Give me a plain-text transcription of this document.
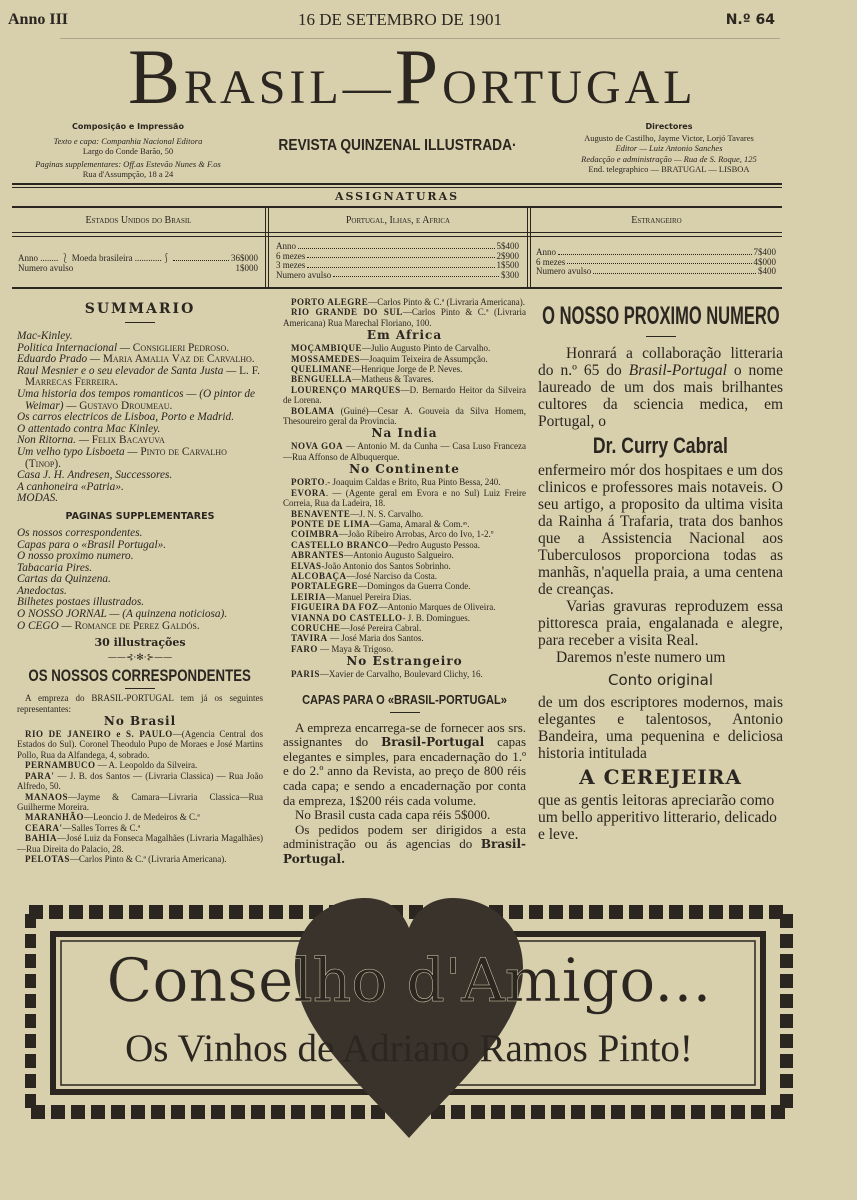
Anno III	16 DE SETEMBRO DE 1901	N.º 64
BRASIL—PORTUGAL
Composição e Impressão
Texto e capa: Companhia Nacional Editora
Largo do Conde Barão, 50
Paginas supplementares: Off.as Estevão Nunes & F.os
Rua d'Assumpção, 18 a 24
REVISTA QUINZENAL ILLUSTRADA·
Directores
Augusto de Castilho, Jayme Victor, Lorjó Tavares
Editor — Luiz Antonio Sanches
Redacção e administração — Rua de S. Roque, 125
End. telegraphico — BRATUGAL — LISBOA
ASSIGNATURAS
Estados Unidos do Brasil	Portugal, Ilhas, e Africa	Estrangeiro
Anno ........ ⎱ Moeda brasileira ............⎰	36$000
Numero avulso	1$000
Anno	5$400
6 mezes	2$900
3 mezes	1$500
Numero avulso	$300
Anno	7$400
6 mezes	4$000
Numero avulso	$400
SUMMARIO
Mac-Kinley.
Politica Internacional — Consiglieri Pedroso.
Eduardo Prado — Maria Amalia Vaz de Carvalho.
Raul Mesnier e o seu elevador de Santa Justa — L. F. Marrecas Ferreira.
Uma historia dos tempos romanticos — (O pintor de Weimar) — Gustavo Droumeau.
Os carros electricos de Lisboa, Porto e Madrid.
O attentado contra Mac Kinley.
Non Ritorna. — Felix Bacayuva
Um velho typo Lisboeta — Pinto de Carvalho (Tinop).
Casa J. H. Andresen, Successores.
A canhoneira «Patria».
MODAS.
PAGINAS SUPPLEMENTARES
Os nossos correspondentes.
Capas para o «Brasil Portugal».
O nosso proximo numero.
Tabacaria Pires.
Cartas da Quinzena.
Anedoctas.
Bilhetes postaes illustrados.
O NOSSO JORNAL — (A quinzena noticiosa).
O CEGO — Romance de Perez Galdós.
30 illustrações
——⊰·✻·⊱——
OS NOSSOS CORRESPONDENTES
A empreza do BRASIL-PORTUGAL tem já os seguintes representantes:
No Brasil
RIO DE JANEIRO e S. PAULO—(Agencia Central dos Estados do Sul). Coronel Theodulo Pupo de Moraes e José Martins Pollo, Rua da Alfandega, 4, sobrado.
PERNAMBUCO — A. Leopoldo da Silveira.
PARA' — J. B. dos Santos — (Livraria Classica) — Rua João Alfredo, 50.
MANAOS—Jayme & Camara—Livraria Classica—Rua Guilherme Moreira.
MARANHÃO—Leoncio J. de Medeiros & C.ª
CEARA'—Salles Torres & C.ª
BAHIA—José Luiz da Fonseca Magalhães (Livraria Magalhães)—Rua Direita do Palacio, 28.
PELOTAS—Carlos Pinto & C.ª (Livraria Americana).
PORTO ALEGRE—Carlos Pinto & C.ª (Livraria Americana).
RIO GRANDE DO SUL—Carlos Pinto & C.ª (Livraria Americana) Rua Marechal Floriano, 100.
Em Africa
MOÇAMBIQUE—Julio Augusto Pinto de Carvalho.
MOSSAMEDES—Joaquim Teixeira de Assumpção.
QUELIMANE—Henrique Jorge de P. Neves.
BENGUELLA—Matheus & Tavares.
LOURENÇO MARQUES—D. Bernardo Heitor da Silveira de Lorena.
BOLAMA (Guiné)—Cesar A. Gouveia da Silva Homem, Thesoureiro geral da Provincia.
Na India
NOVA GOA — Antonio M. da Cunha — Casa Luso Franceza—Rua Affonso de Albuquerque.
No Continente
PORTO.- Joaquim Caldas e Brito, Rua Pinto Bessa, 240.
EVORA. — (Agente geral em Evora e no Sul) Luiz Freire Correia, Rua da Ladeira, 18.
BENAVENTE—J. N. S. Carvalho.
PONTE DE LIMA—Gama, Amaral & Com.ᵃˢ.
COIMBRA—João Ribeiro Arrobas, Arco do Ivo, 1-2.º
CASTELLO BRANCO—Pedro Augusto Pessoa.
ABRANTES—Antonio Augusto Salgueiro.
ELVAS-João Antonio dos Santos Sobrinho.
ALCOBAÇA—José Narciso da Costa.
PORTALEGRE—Domingos da Guerra Conde.
LEIRIA—Manuel Pereira Dias.
FIGUEIRA DA FOZ—Antonio Marques de Oliveira.
VIANNA DO CASTELLO- J. B. Domingues.
CORUCHE—José Pereira Cabral.
TAVIRA — José Maria dos Santos.
FARO — Maya & Trigoso.
No Estrangeiro
PARIS—Xavier de Carvalho, Boulevard Clichy, 16.
CAPAS PARA O «BRASIL-PORTUGAL»
A empreza encarrega-se de fornecer aos srs. assignantes do Brasil-Portugal capas elegantes e simples, para encadernação do 1.º e do 2.º anno da Revista, ao preço de 800 réis cada capa; e sendo a encadernação por conta da empreza, 1$200 réis cada volume.
No Brasil custa cada capa réis 5$000.
Os pedidos podem ser dirigidos a esta administração ou ás agencias do Brasil-Portugal.
O NOSSO PROXIMO NUMERO
Honrará a collaboração litteraria do n.º 65 do Brasil-Portugal o nome laureado de um dos mais brilhantes cultores da sciencia medica, em Portugal, o
Dr. Curry Cabral
enfermeiro mór dos hospitaes e um dos clinicos e professores mais notaveis. O seu artigo, a proposito da ultima visita da Rainha á Trafaria, trata dos banhos que a Assistencia Nacional aos Tuberculosos proporciona todas as manhãs, n'aquella praia, a uma centena de creanças.
Varias gravuras reproduzem essa pittoresca praia, engalanada e alegre, para receber a visita Real.
Daremos n'este numero um
Conto original
de um dos escriptores modernos, mais elegantes e talentosos, Antonio Bandeira, uma pequenina e deliciosa historia intitulada
A CEREJEIRA
que as gentis leitoras apreciarão como um bello apperitivo litterario, delicado e leve.
Conselho d'Amigo...
Os Vinhos de Adriano Ramos Pinto!
